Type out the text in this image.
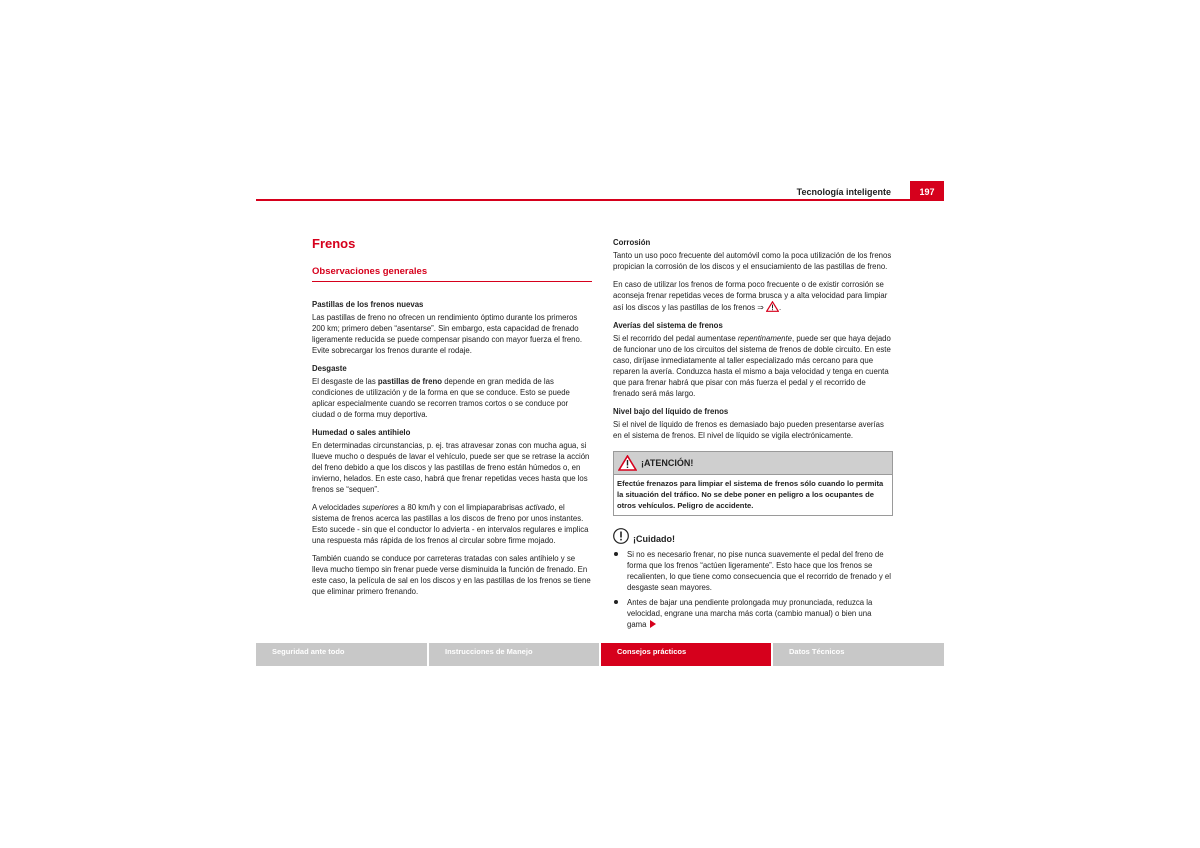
Tecnología inteligente	197
Frenos
Observaciones generales
Pastillas de los frenos nuevas

Las pastillas de freno no ofrecen un rendimiento óptimo durante los primeros 200 km; primero deben “asentarse”. Sin embargo, esta capacidad de frenado ligeramente reducida se puede compensar pisando con mayor fuerza el freno. Evite sobrecargar los frenos durante el rodaje.

Desgaste

El desgaste de las pastillas de freno depende en gran medida de las condiciones de utilización y de la forma en que se conduce. Esto se puede aplicar especialmente cuando se recorren tramos cortos o se conduce por ciudad o de forma muy deportiva.

Humedad o sales antihielo

En determinadas circunstancias, p. ej. tras atravesar zonas con mucha agua, si llueve mucho o después de lavar el vehículo, puede ser que se retrase la acción del freno debido a que los discos y las pastillas de freno están húmedos o, en invierno, helados. En este caso, habrá que frenar repetidas veces hasta que los frenos se “sequen”.

A velocidades superiores a 80 km/h y con el limpiaparabrisas activado, el sistema de frenos acerca las pastillas a los discos de freno por unos instantes. Esto sucede - sin que el conductor lo advierta - en intervalos regulares e implica una respuesta más rápida de los frenos al circular sobre firme mojado.

También cuando se conduce por carreteras tratadas con sales antihielo y se lleva mucho tiempo sin frenar puede verse disminuida la función de frenado. En este caso, la película de sal en los discos y en las pastillas de los frenos se tiene que eliminar primero frenando.

Corrosión

Tanto un uso poco frecuente del automóvil como la poca utilización de los frenos propician la corrosión de los discos y el ensuciamiento de las pastillas de freno.

En caso de utilizar los frenos de forma poco frecuente o de existir corrosión se aconseja frenar repetidas veces de forma brusca y a alta velocidad para limpiar así los discos y las pastillas de los frenos ⇒ .

Averías del sistema de frenos

Si el recorrido del pedal aumentase repentinamente, puede ser que haya dejado de funcionar uno de los circuitos del sistema de frenos de doble circuito. En este caso, diríjase inmediatamente al taller especializado más cercano para que reparen la avería. Conduzca hasta el mismo a baja velocidad y tenga en cuenta que para frenar habrá que pisar con más fuerza el pedal y el recorrido de frenado será más largo.

Nivel bajo del líquido de frenos

Si el nivel de líquido de frenos es demasiado bajo pueden presentarse averías en el sistema de frenos. El nivel de líquido se vigila electrónicamente.

¡ATENCIÓN!
Efectúe frenazos para limpiar el sistema de frenos sólo cuando lo permita la situación del tráfico. No se debe poner en peligro a los ocupantes de otros vehículos. Peligro de accidente.
¡Cuidado!
Si no es necesario frenar, no pise nunca suavemente el pedal del freno de forma que los frenos “actúen ligeramente”. Esto hace que los frenos se recalienten, lo que tiene como consecuencia que el recorrido de frenado y el desgaste sean mayores.
Antes de bajar una pendiente prolongada muy pronunciada, reduzca la velocidad, engrane una marcha más corta (cambio manual) o bien una gama
Seguridad ante todo	Instrucciones de Manejo	Consejos prácticos	Datos Técnicos
